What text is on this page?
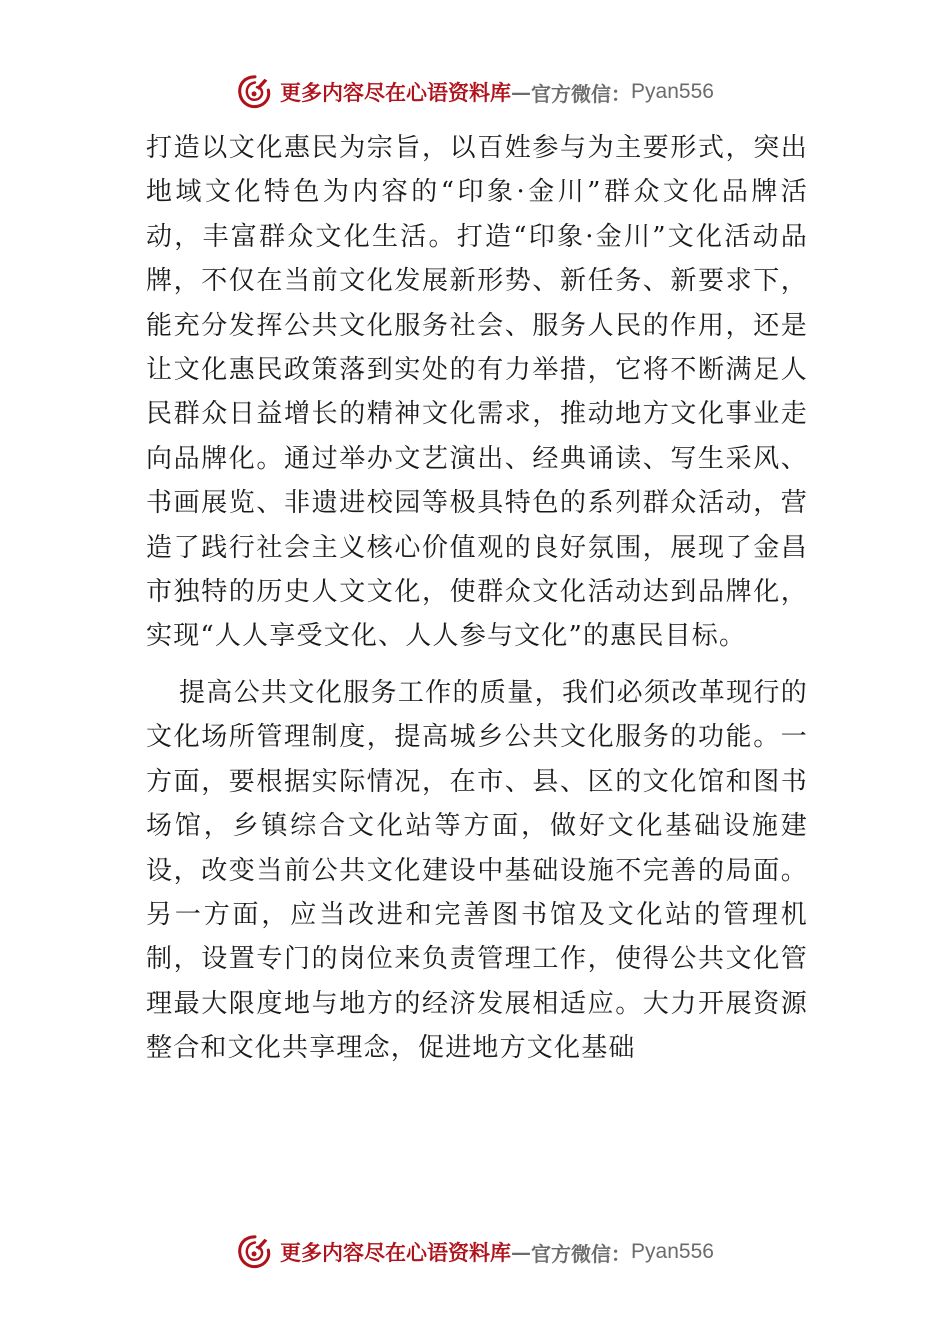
更多内容尽在心语资料库 — 官方微信： Pyan556

打造以文化惠民为宗旨，以百姓参与为主要形式，突出地域文化特色为内容的“印象·金川”群众文化品牌活动，丰富群众文化生活。打造“印象·金川”文化活动品牌，不仅在当前文化发展新形势、新任务、新要求下，能充分发挥公共文化服务社会、服务人民的作用，还是让文化惠民政策落到实处的有力举措，它将不断满足人民群众日益增长的精神文化需求，推动地方文化事业走向品牌化。通过举办文艺演出、经典诵读、写生采风、书画展览、非遗进校园等极具特色的系列群众活动，营造了践行社会主义核心价值观的良好氛围，展现了金昌市独特的历史人文文化，使群众文化活动达到品牌化，实现“人人享受文化、人人参与文化”的惠民目标。

提高公共文化服务工作的质量，我们必须改革现行的文化场所管理制度，提高城乡公共文化服务的功能。一方面，要根据实际情况，在市、县、区的文化馆和图书场馆，乡镇综合文化站等方面，做好文化基础设施建设，改变当前公共文化建设中基础设施不完善的局面。另一方面，应当改进和完善图书馆及文化站的管理机制，设置专门的岗位来负责管理工作，使得公共文化管理最大限度地与地方的经济发展相适应。大力开展资源整合和文化共享理念，促进地方文化基础

更多内容尽在心语资料库 — 官方微信： Pyan556
